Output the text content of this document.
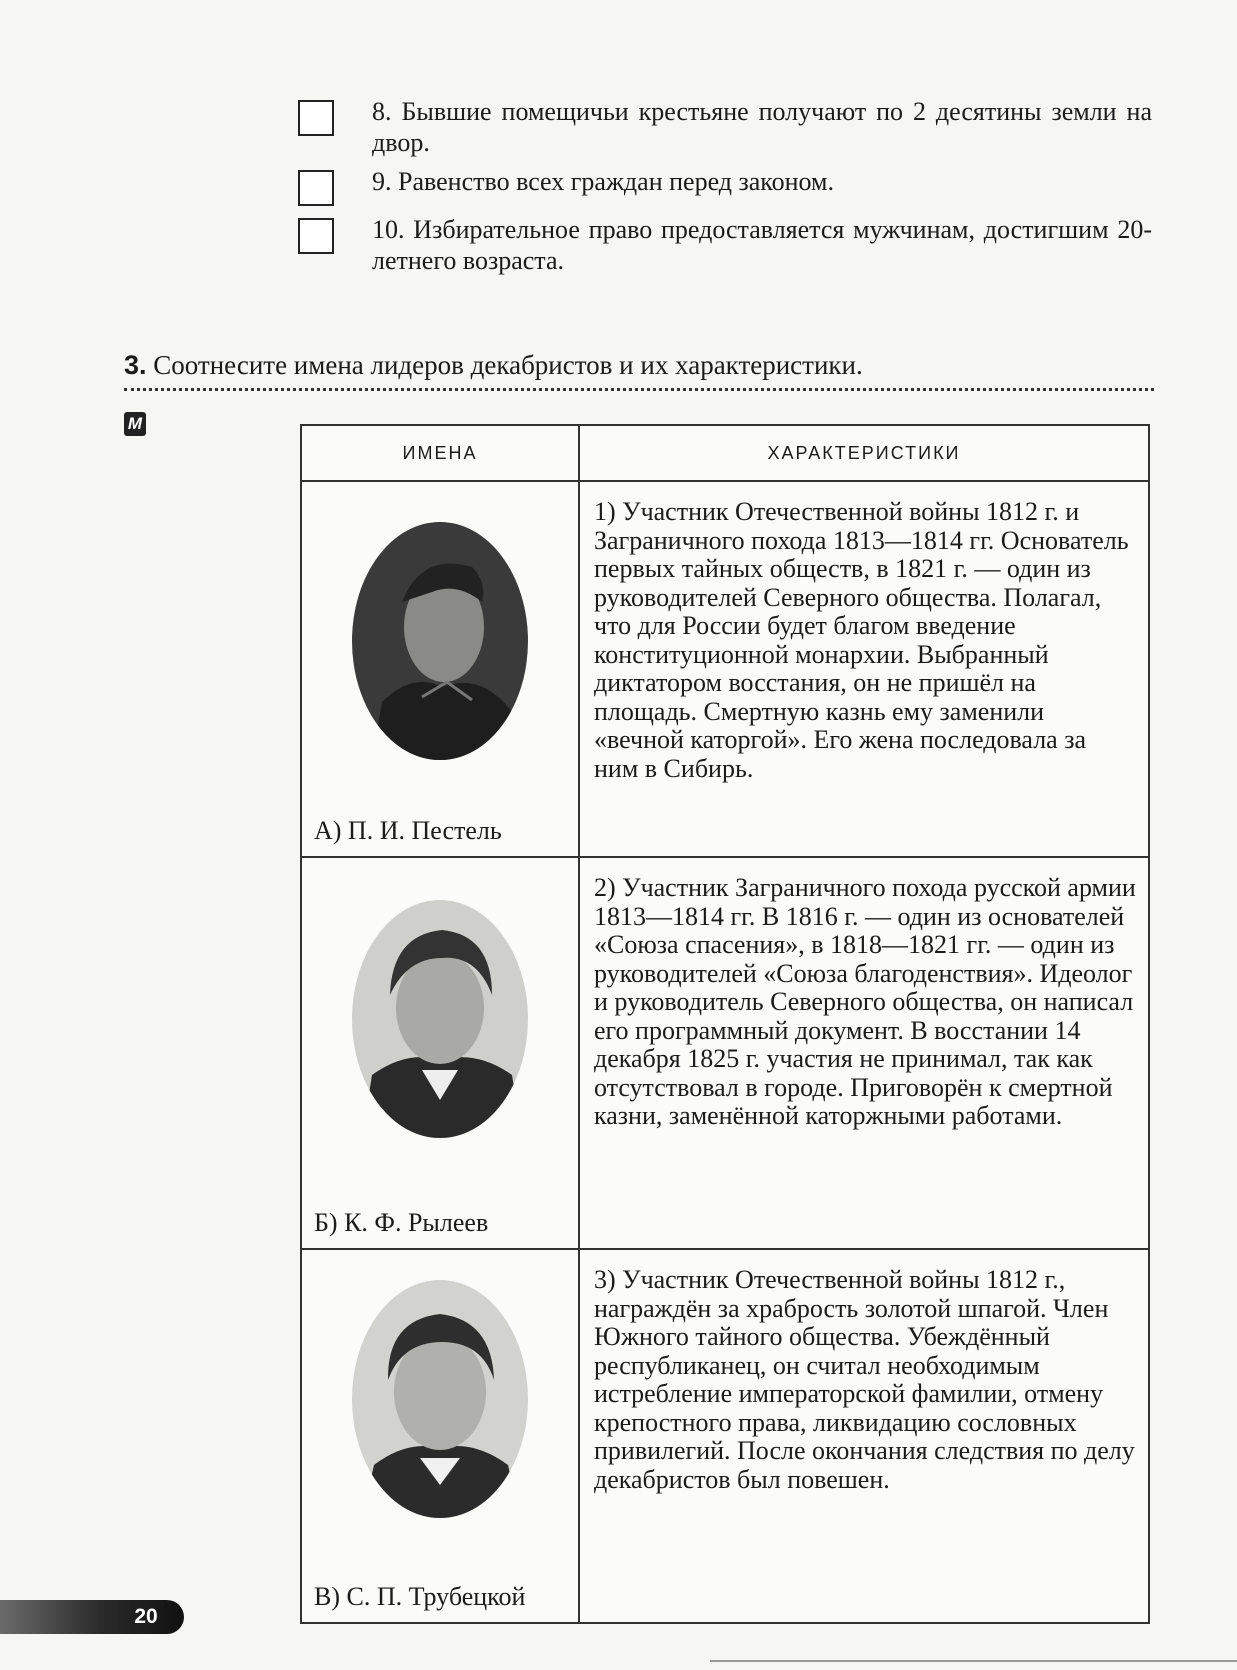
8. Бывшие помещичьи крестьяне получают по 2 десятины земли на двор.
9. Равенство всех граждан перед законом.
10. Избирательное право предоставляется мужчинам, достигшим 20-летнего возраста.
3. Соотнесите имена лидеров декабристов и их характеристики.
M
ИМЕНА	ХАРАКТЕРИСТИКИ

А) П. И. Пестель	1) Участник Отечественной войны 1812 г. и Заграничного похода 1813—1814 гг. Основатель первых тайных обществ, в 1821 г. — один из руководителей Северного общества. Полагал, что для России будет благом введение конституционной монархии. Выбранный диктатором восстания, он не пришёл на площадь. Смертную казнь ему заменили «вечной каторгой». Его жена последовала за ним в Сибирь.

Б) К. Ф. Рылеев	2) Участник Заграничного похода русской армии 1813—1814 гг. В 1816 г. — один из основателей «Союза спасения», в 1818—1821 гг. — один из руководителей «Союза благоденствия». Идеолог и руководитель Северного общества, он написал его программный документ. В восстании 14 декабря 1825 г. участия не принимал, так как отсутствовал в городе. Приговорён к смертной казни, заменённой каторжными работами.

В) С. П. Трубецкой	3) Участник Отечественной войны 1812 г., награждён за храбрость золотой шпагой. Член Южного тайного общества. Убеждённый республиканец, он считал необходимым истребление императорской фамилии, отмену крепостного права, ликвидацию сословных привилегий. После окончания следствия по делу декабристов был повешен.
20
